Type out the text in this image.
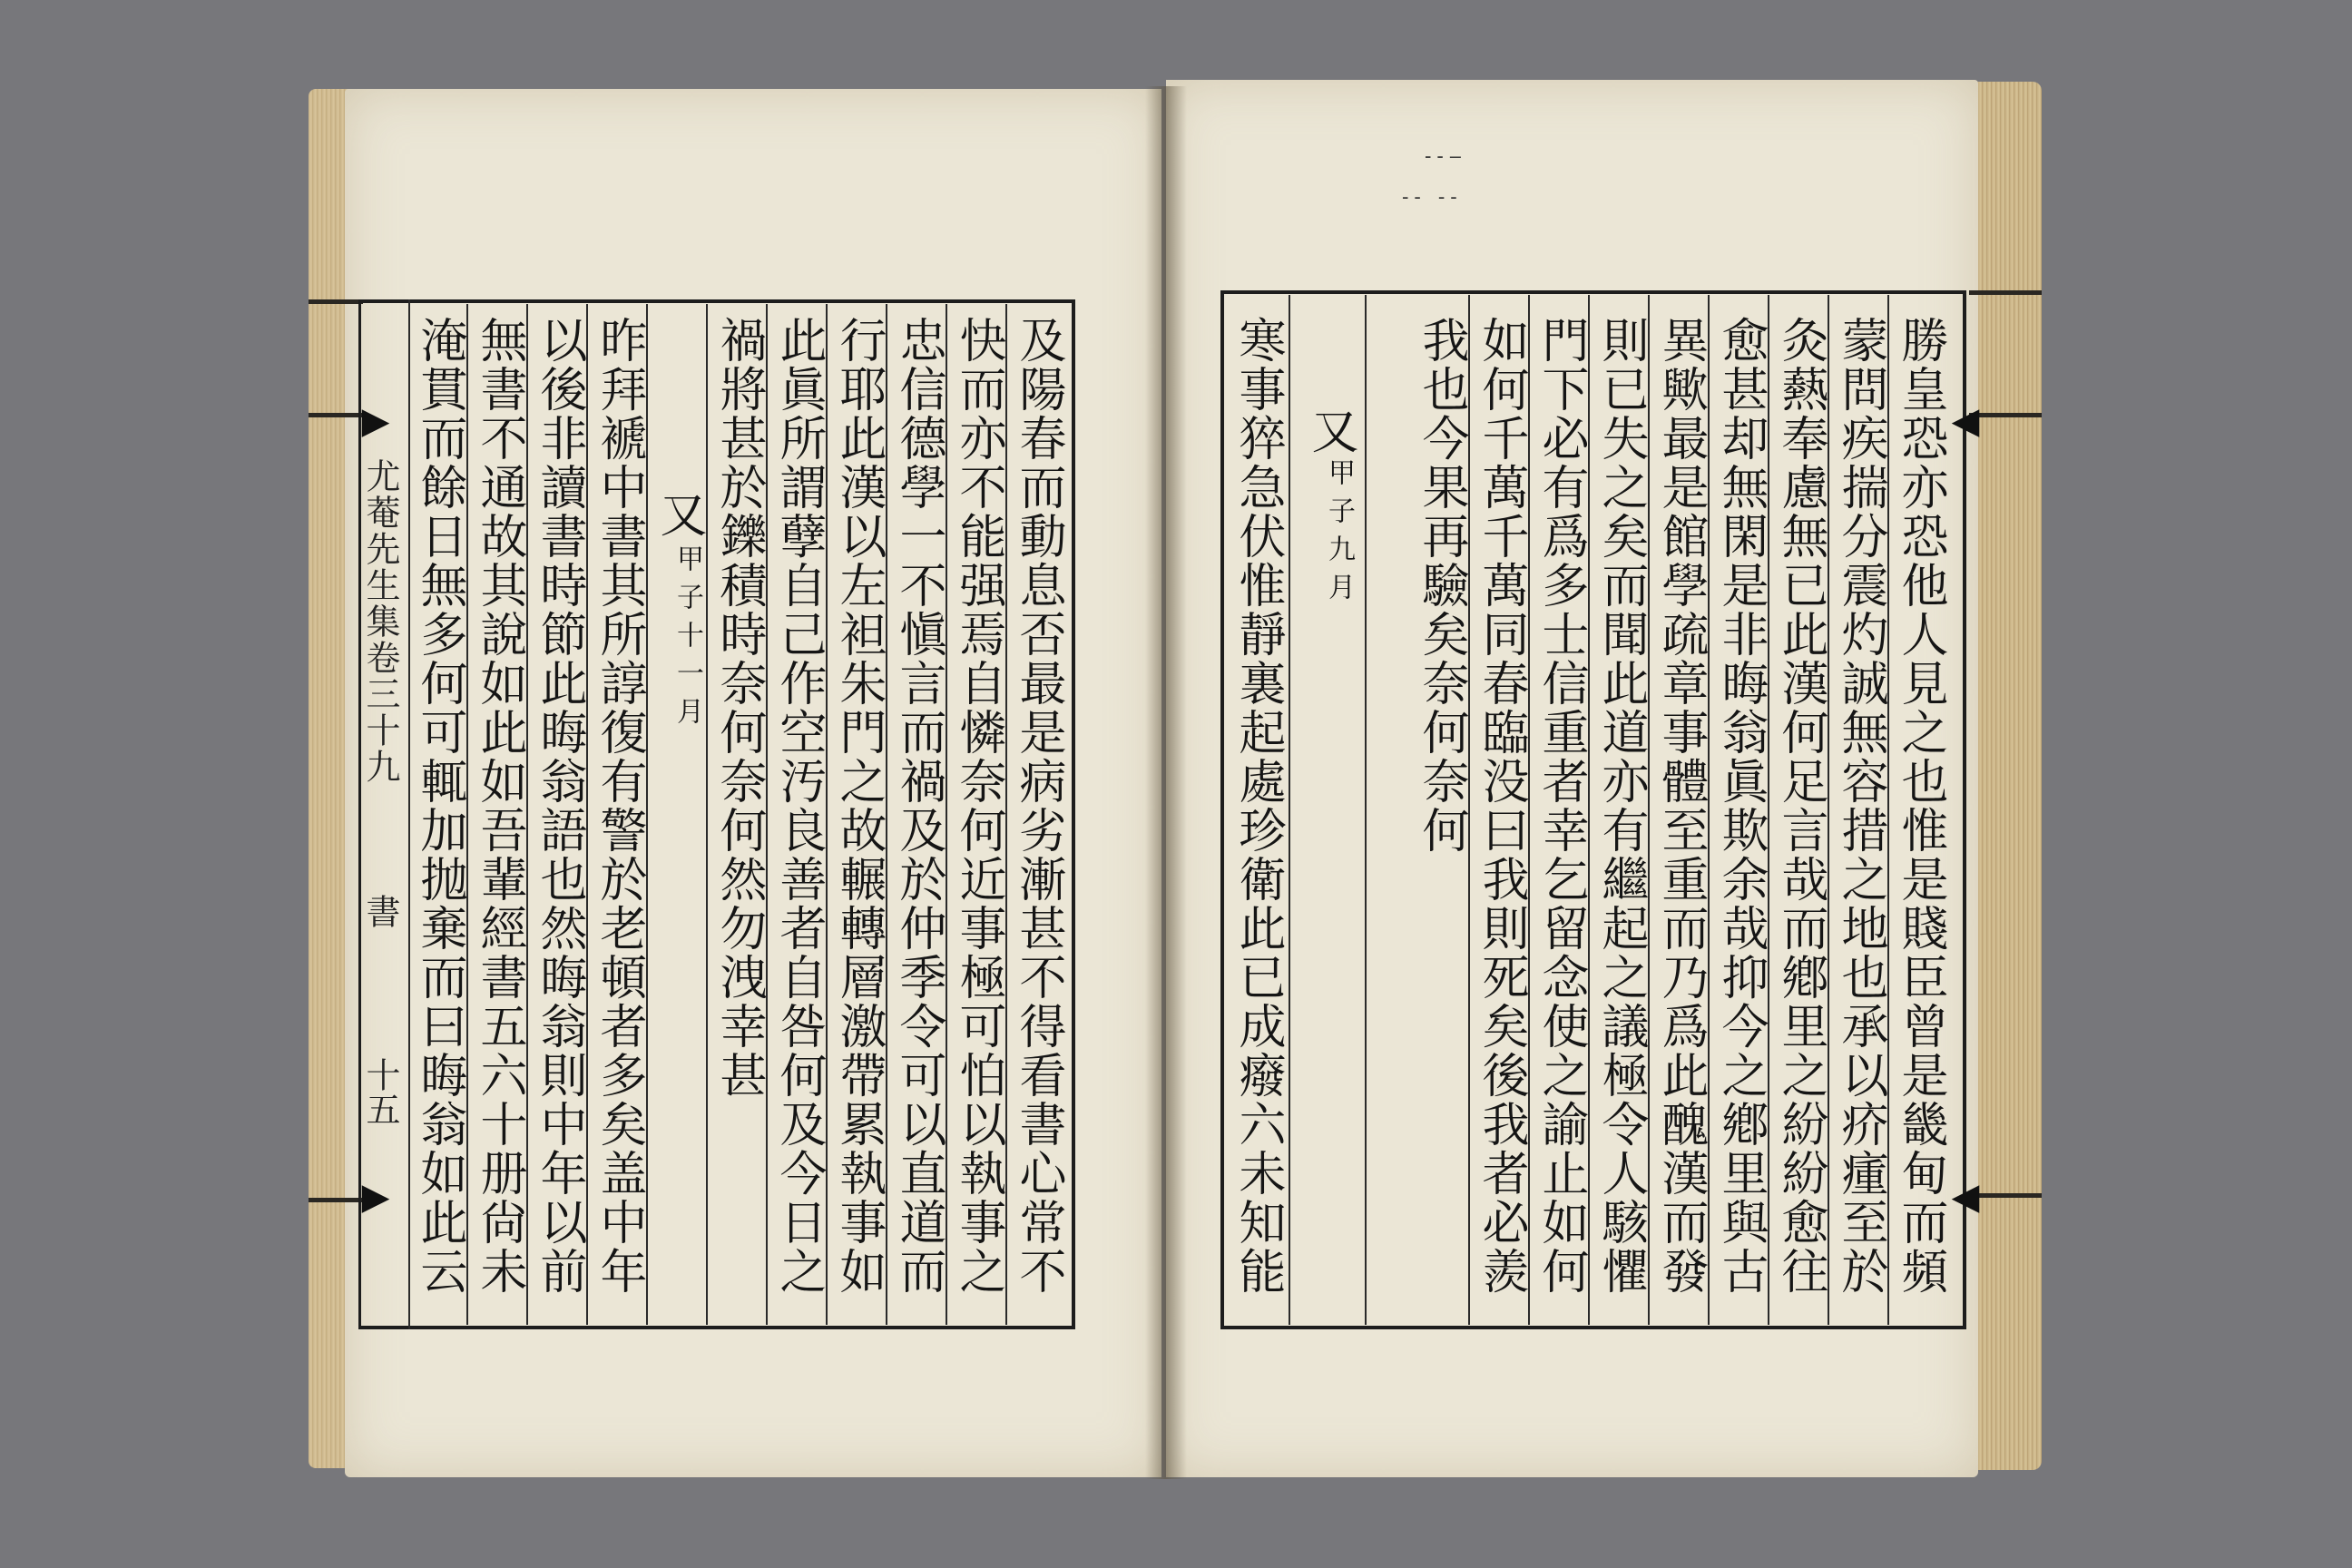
▶
尤菴先生集卷三十九
書
十五
▶
◀
◀
及陽春而動息否最是病劣漸甚不得看書心常不
快而亦不能强焉自憐奈何近事極可怕以執事之
忠信德學一不愼言而禍及於仲季令可以直道而
行耶此漢以左袒朱門之故輾轉層激帶累執事如
此眞所謂孽自己作空汚良善者自咎何及今日之
禍將甚於鑠積時奈何奈何然勿洩幸甚
又
甲子十一月
昨拜褫中書其所諄復有警於老頓者多矣盖中年
以後非讀書時節此晦翁語也然晦翁則中年以前
無書不通故其說如此如吾輩經書五六十册尙未
淹貫而餘日無多何可輒加抛棄而曰晦翁如此云	勝皇恐亦恐他人見之也惟是賤臣曾是畿甸而頻
蒙問疾揣分震灼誠無容措之地也承以疥瘇至於
灸爇奉慮無已此漢何足言哉而鄕里之紛紛愈往
愈甚却無閑是非晦翁眞欺余哉抑今之鄕里與古
異歟最是館學疏章事體至重而乃爲此醜漢而發
則已失之矣而聞此道亦有繼起之議極令人駭懼
門下必有爲多士信重者幸乞留念使之諭止如何
如何千萬千萬同春臨没曰我則死矣後我者必羨
我也今果再驗矣奈何奈何
又
甲子九月
寒事猝急伏惟靜裏起處珍衛此已成癈六未知能
‐‑‒
-- ‑‑
